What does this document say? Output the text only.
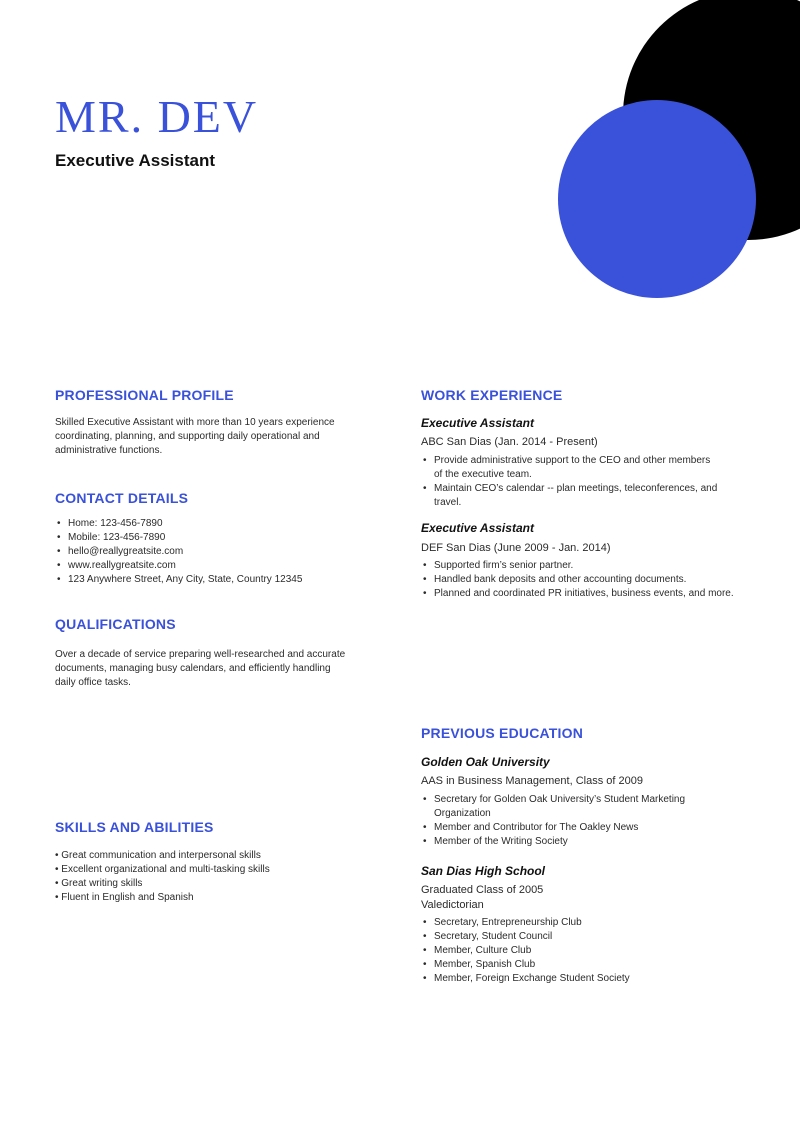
MR. DEV
Executive Assistant
PROFESSIONAL PROFILE

Skilled Executive Assistant with more than 10 years experience coordinating, planning, and supporting daily operational and administrative functions.

CONTACT DETAILS
• Home: 123-456-7890
• Mobile: 123-456-7890
• hello@reallygreatsite.com
• www.reallygreatsite.com
• 123 Anywhere Street, Any City, State, Country 12345
QUALIFICATIONS

Over a decade of service preparing well-researched and accurate documents, managing busy calendars, and efficiently handling daily office tasks.

SKILLS AND ABILITIES
• Great communication and interpersonal skills
• Excellent organizational and multi-tasking skills
• Great writing skills
• Fluent in English and Spanish
WORK EXPERIENCE

Executive Assistant

ABC San Dias (Jan. 2014 - Present)

• Provide administrative support to the CEO and other members of the executive team.
• Maintain CEO’s calendar -- plan meetings, teleconferences, and travel.

Executive Assistant

DEF San Dias (June 2009 - Jan. 2014)

• Supported firm’s senior partner.
• Handled bank deposits and other accounting documents.
• Planned and coordinated PR initiatives, business events, and more.
PREVIOUS EDUCATION

Golden Oak University

AAS in Business Management, Class of 2009

• Secretary for Golden Oak University’s Student Marketing Organization
• Member and Contributor for The Oakley News
• Member of the Writing Society

San Dias High School

Graduated Class of 2005

Valedictorian

• Secretary, Entrepreneurship Club
• Secretary, Student Council
• Member, Culture Club
• Member, Spanish Club
• Member, Foreign Exchange Student Society
